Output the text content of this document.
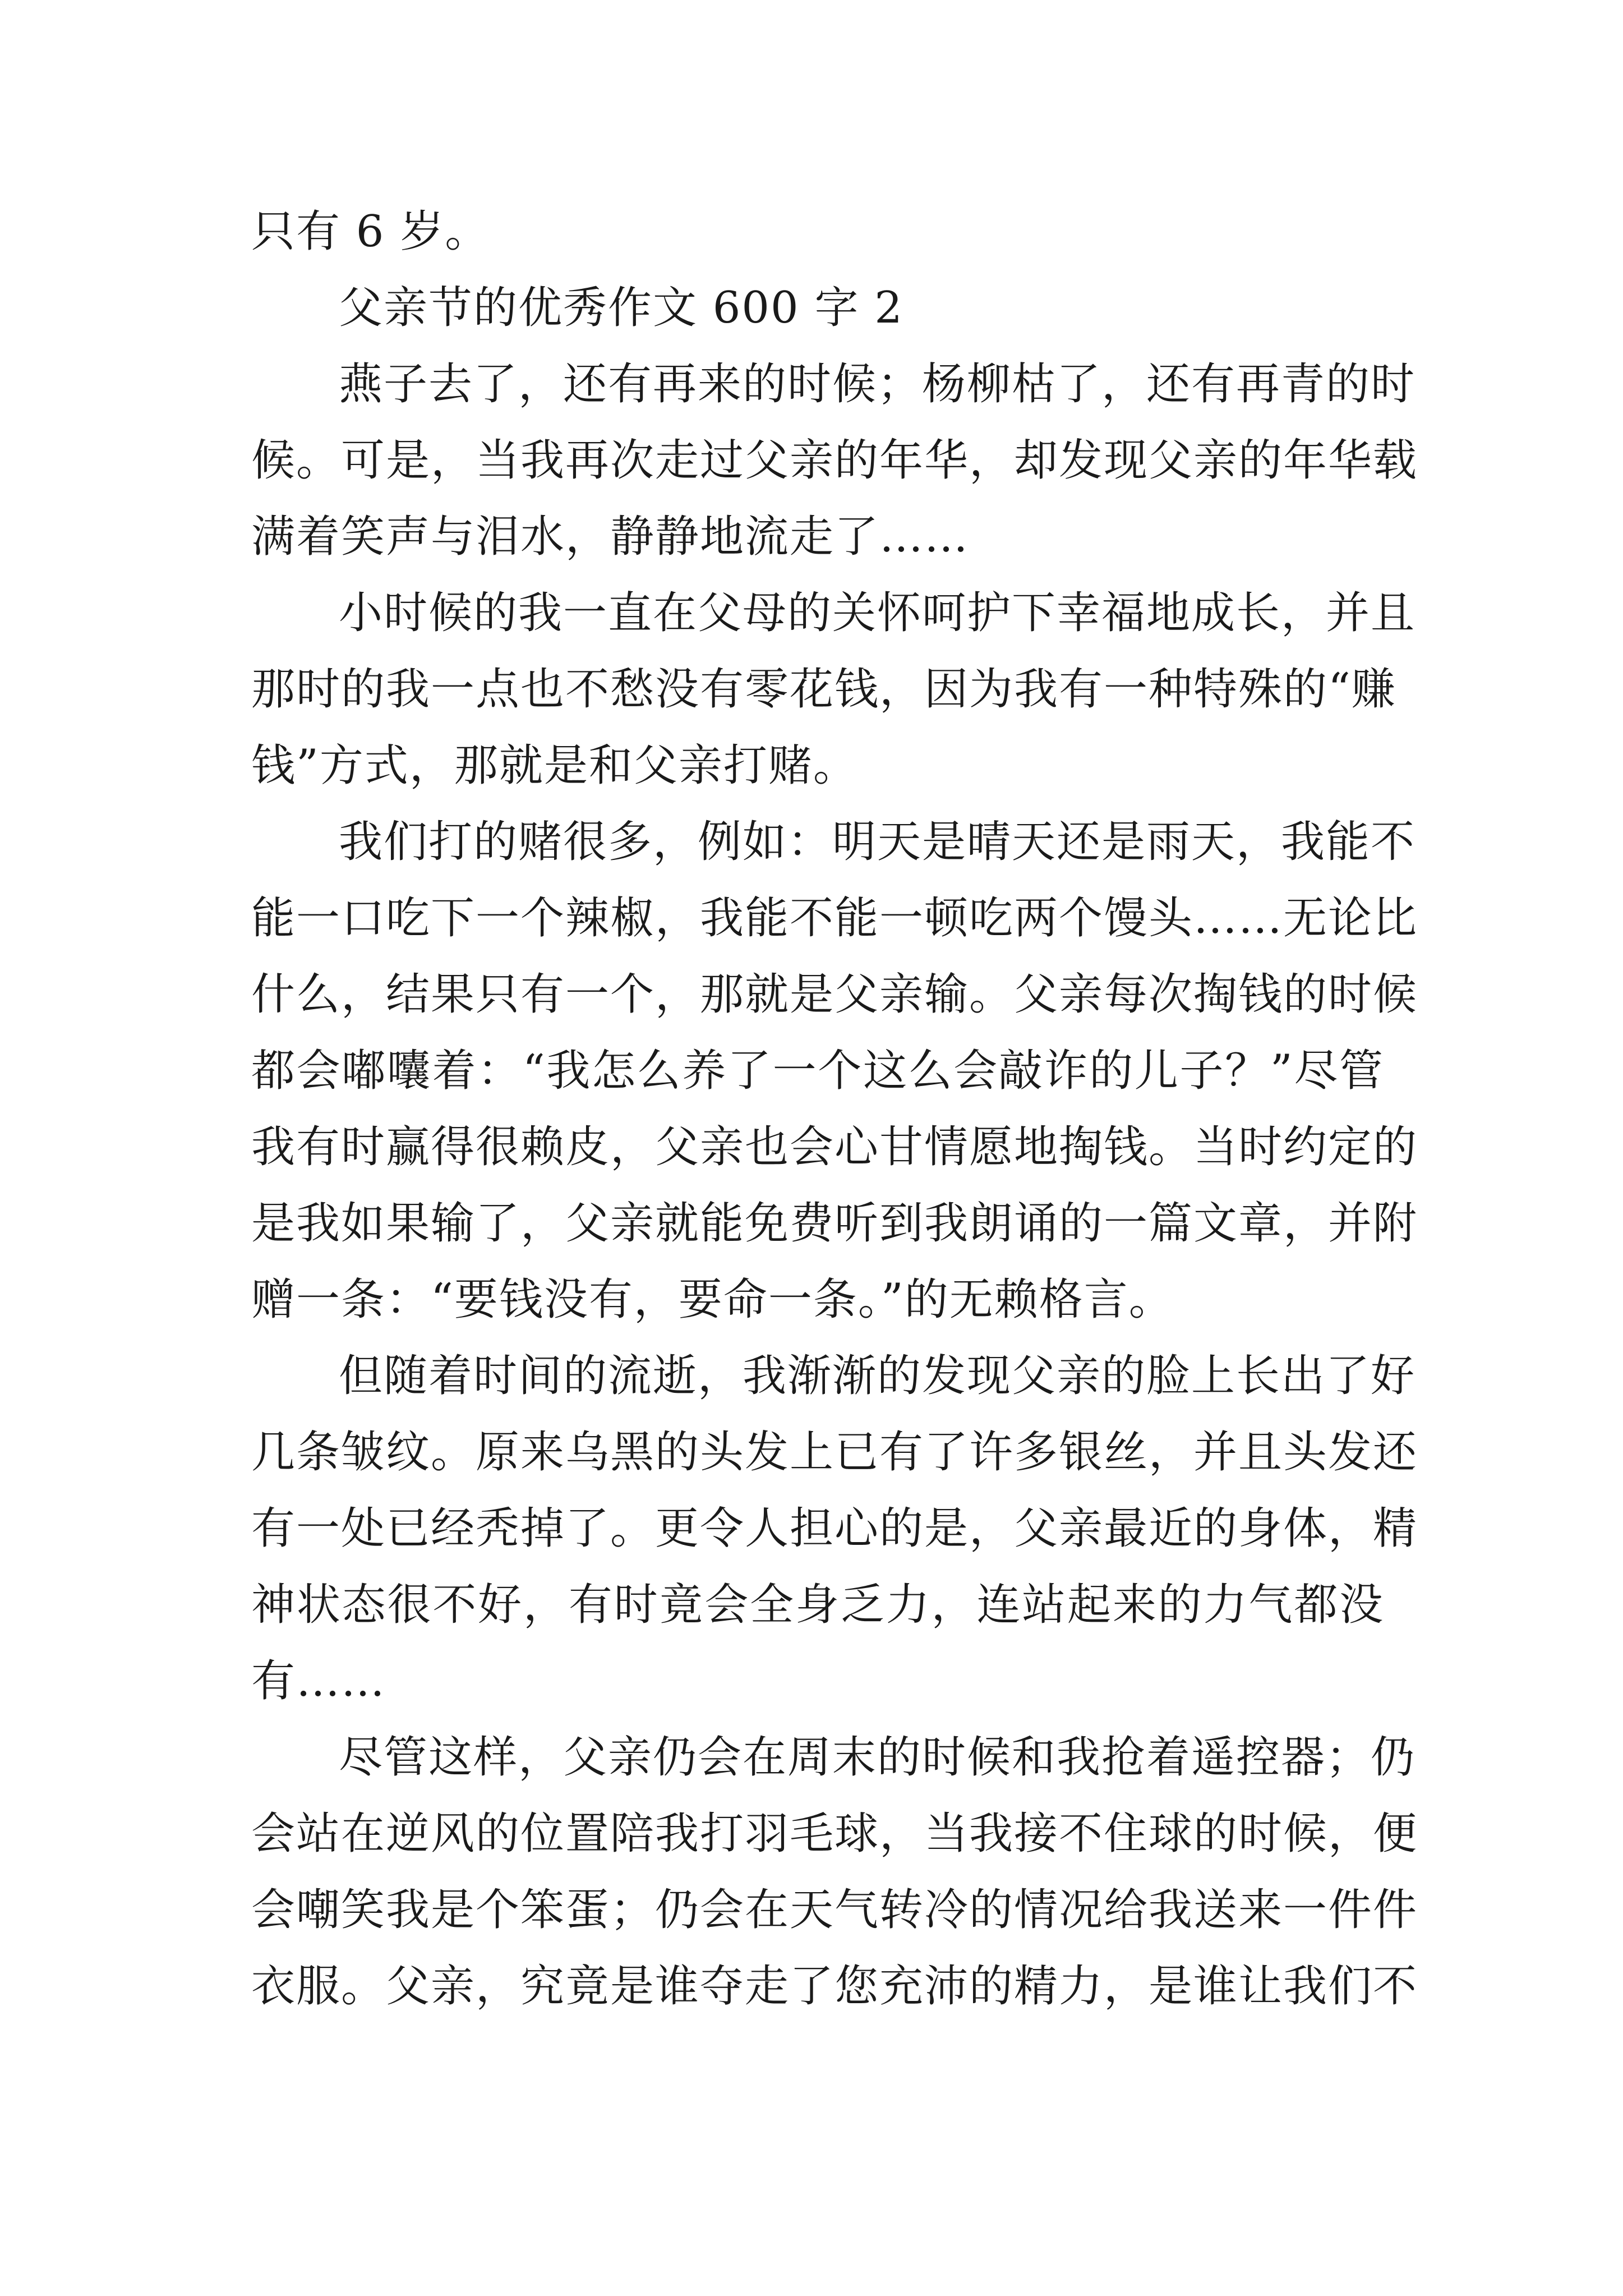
只有 6 岁。
父亲节的优秀作文 600 字 2
燕子去了，还有再来的时候；杨柳枯了，还有再青的时
候。可是，当我再次走过父亲的年华，却发现父亲的年华载
满着笑声与泪水，静静地流走了……
小时候的我一直在父母的关怀呵护下幸福地成长，并且
那时的我一点也不愁没有零花钱，因为我有一种特殊的“赚
钱”方式，那就是和父亲打赌。
我们打的赌很多，例如：明天是晴天还是雨天，我能不
能一口吃下一个辣椒，我能不能一顿吃两个馒头……无论比
什么，结果只有一个，那就是父亲输。父亲每次掏钱的时候
都会嘟囔着：“我怎么养了一个这么会敲诈的儿子？”尽管
我有时赢得很赖皮，父亲也会心甘情愿地掏钱。当时约定的
是我如果输了，父亲就能免费听到我朗诵的一篇文章，并附
赠一条：“要钱没有，要命一条。”的无赖格言。
但随着时间的流逝，我渐渐的发现父亲的脸上长出了好
几条皱纹。原来乌黑的头发上已有了许多银丝，并且头发还
有一处已经秃掉了。更令人担心的是，父亲最近的身体，精
神状态很不好，有时竟会全身乏力，连站起来的力气都没
有……
尽管这样，父亲仍会在周末的时候和我抢着遥控器；仍
会站在逆风的位置陪我打羽毛球，当我接不住球的时候，便
会嘲笑我是个笨蛋；仍会在天气转冷的情况给我送来一件件
衣服。父亲，究竟是谁夺走了您充沛的精力，是谁让我们不
